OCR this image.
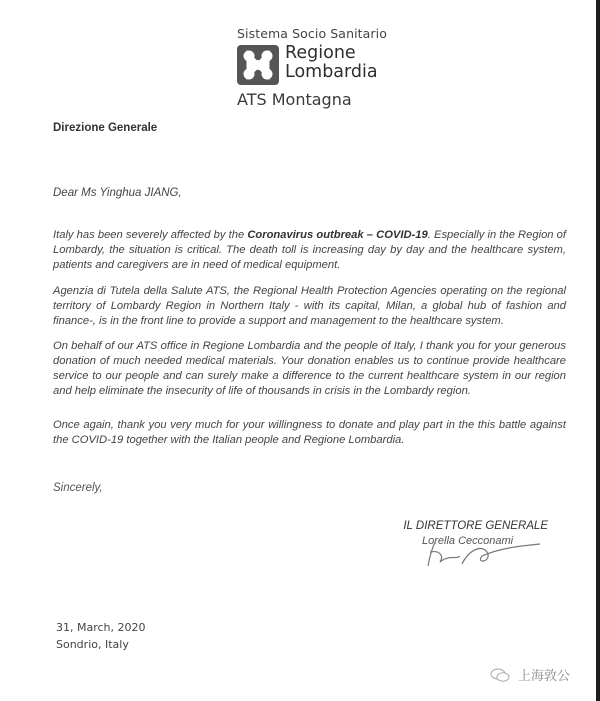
Sistema Socio Sanitario
Regione
Lombardia
ATS Montagna
Direzione Generale
Dear Ms Yinghua JIANG,

Italy has been severely affected by the Coronavirus outbreak – COVID-19. Especially in the Region of Lombardy, the situation is critical. The death toll is increasing day by day and the healthcare system, patients and caregivers are in need of medical equipment.

Agenzia di Tutela della Salute ATS, the Regional Health Protection Agencies operating on the regional territory of Lombardy Region in Northern Italy - with its capital, Milan, a global hub of fashion and finance-, is in the front line to provide a support and management to the healthcare system.

On behalf of our ATS office in Regione Lombardia and the people of Italy, I thank you for your generous donation of much needed medical materials. Your donation enables us to continue provide healthcare service to our people and can surely make a difference to the current healthcare system in our region and help eliminate the insecurity of life of thousands in crisis in the Lombardy region.

Once again, thank you very much for your willingness to donate and play part in the this battle against the COVID-19 together with the Italian people and Regione Lombardia.

Sincerely,
IL DIRETTORE GENERALE
Lorella Cecconami
31, March, 2020
Sondrio, Italy
上海敦公
